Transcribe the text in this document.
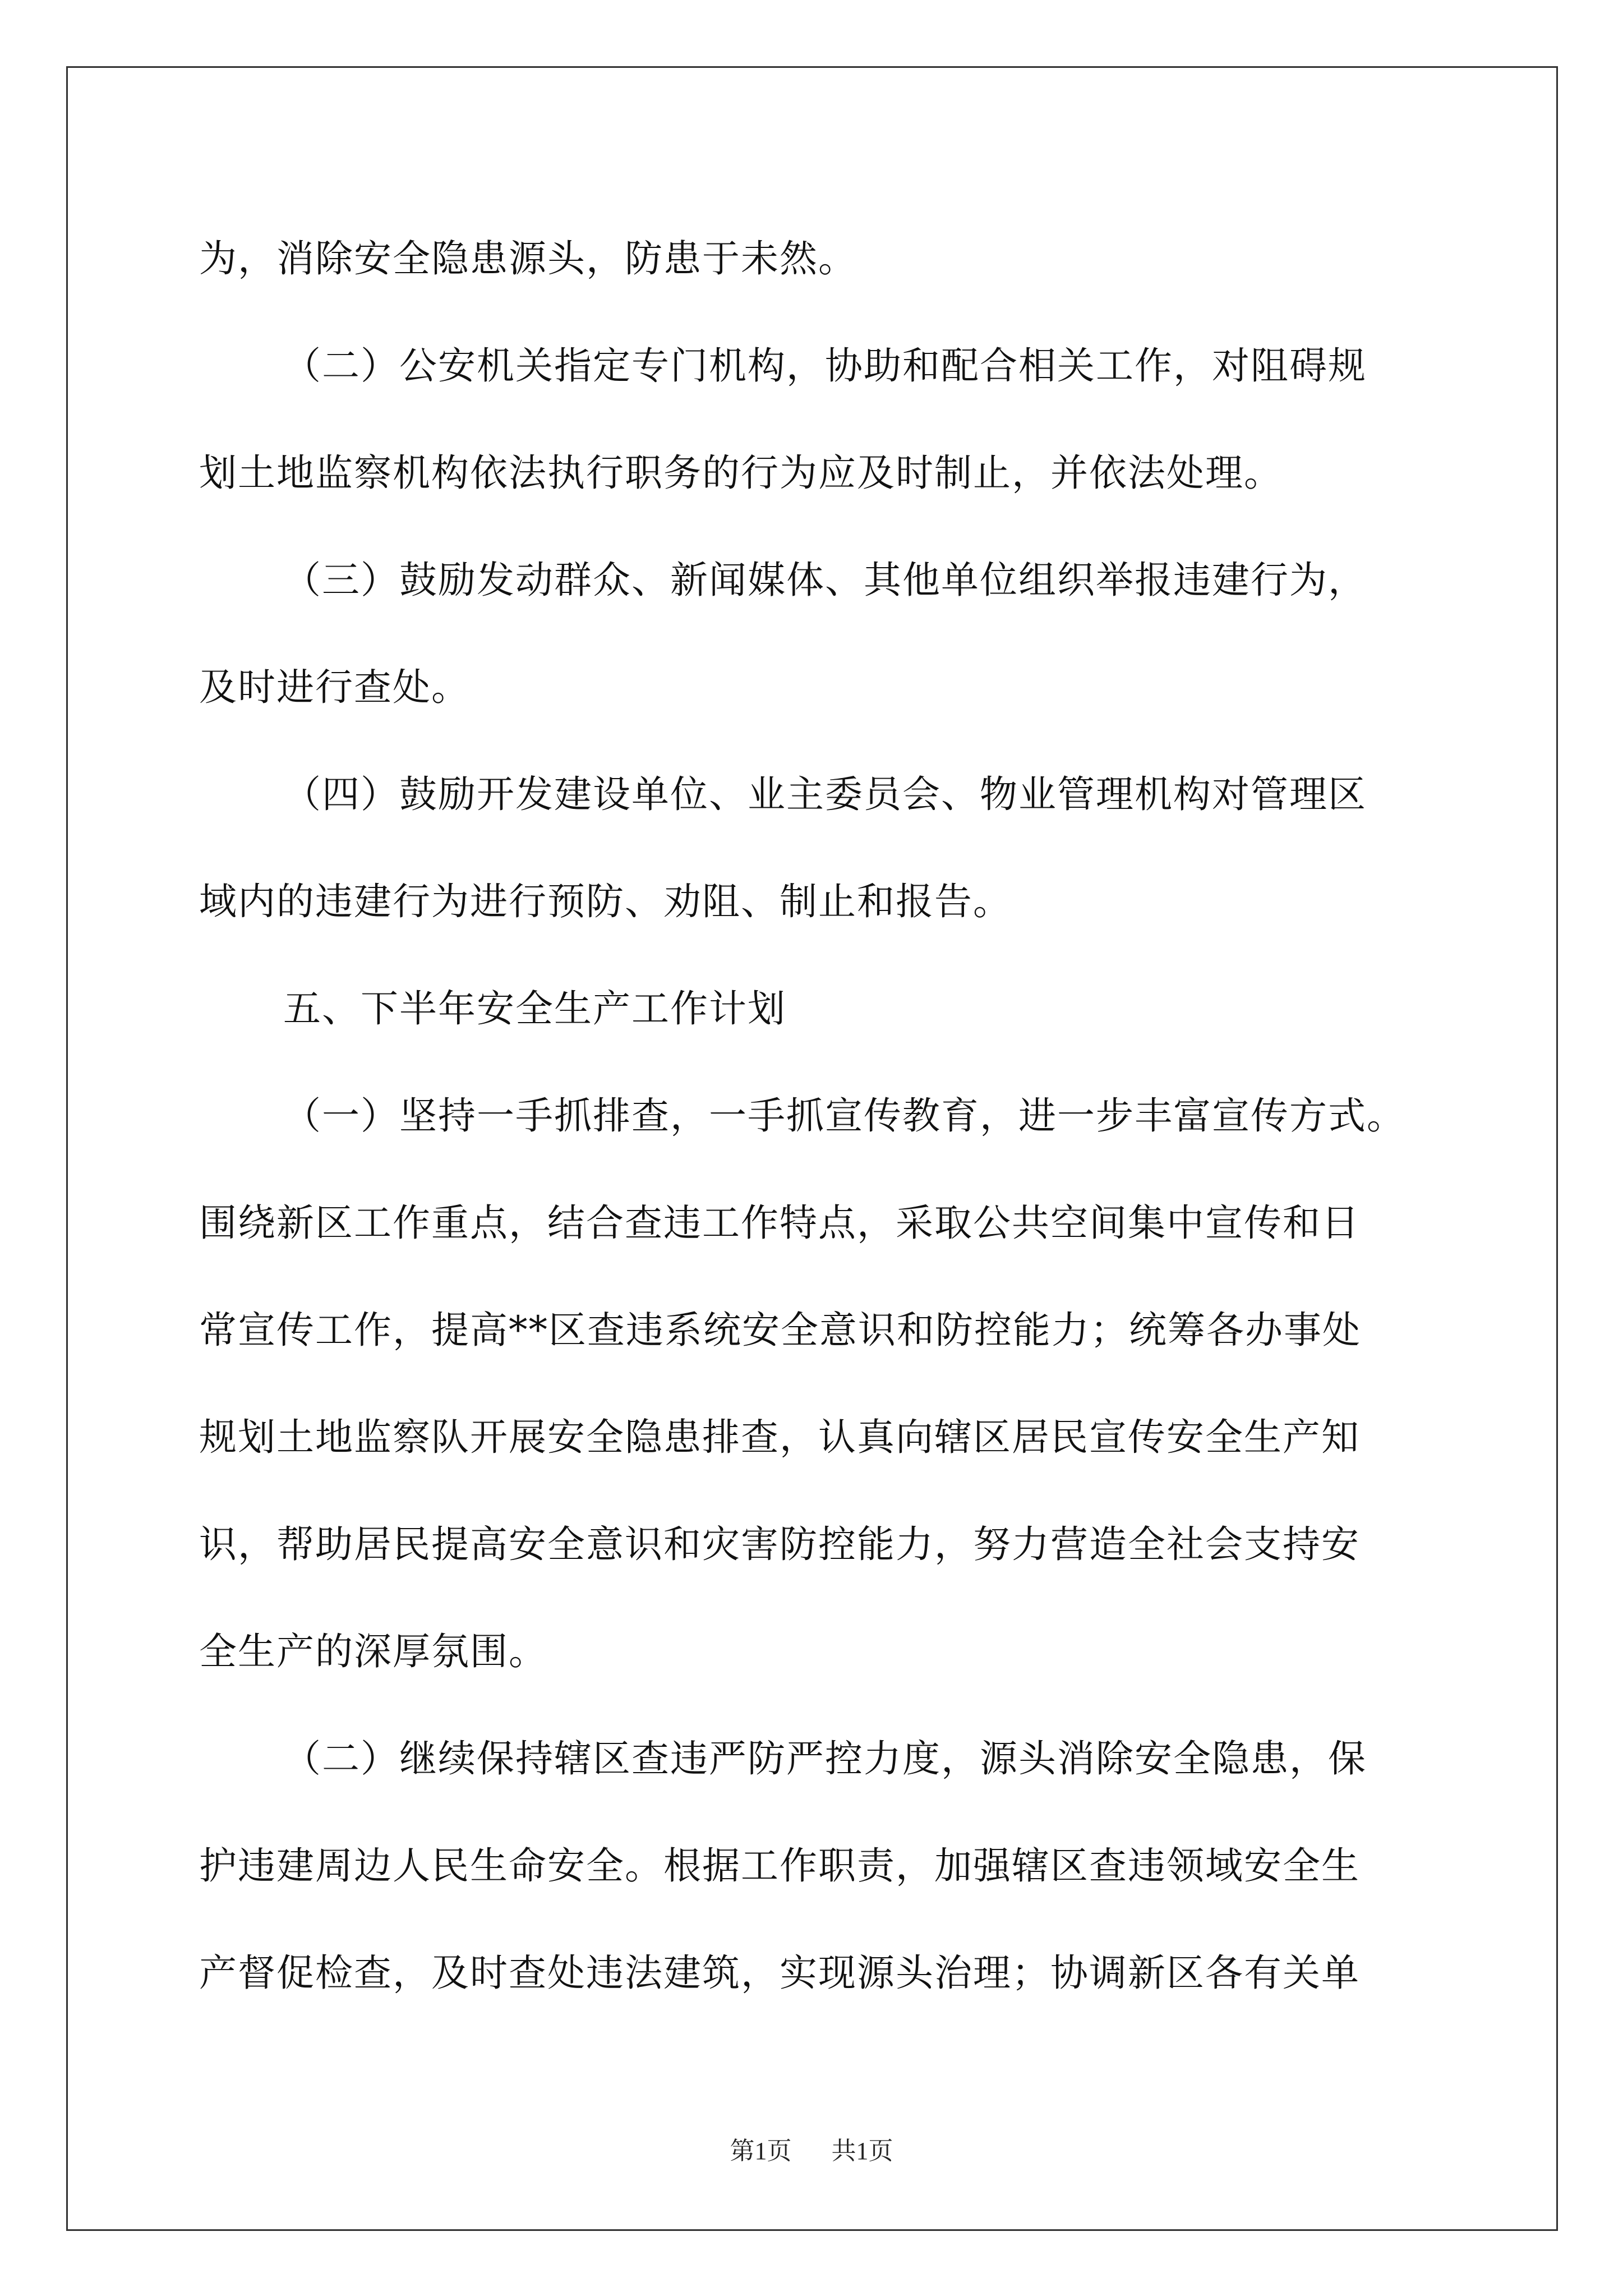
为，消除安全隐患源头，防患于未然。
（二）公安机关指定专门机构，协助和配合相关工作，对阻碍规
划土地监察机构依法执行职务的行为应及时制止，并依法处理。
（三）鼓励发动群众、新闻媒体、其他单位组织举报违建行为，
及时进行查处。
（四）鼓励开发建设单位、业主委员会、物业管理机构对管理区
域内的违建行为进行预防、劝阻、制止和报告。
五、下半年安全生产工作计划
（一）坚持一手抓排查，一手抓宣传教育，进一步丰富宣传方式。
围绕新区工作重点，结合查违工作特点，采取公共空间集中宣传和日
常宣传工作，提高**区查违系统安全意识和防控能力；统筹各办事处
规划土地监察队开展安全隐患排查，认真向辖区居民宣传安全生产知
识，帮助居民提高安全意识和灾害防控能力，努力营造全社会支持安
全生产的深厚氛围。
（二）继续保持辖区查违严防严控力度，源头消除安全隐患，保
护违建周边人民生命安全。根据工作职责，加强辖区查违领域安全生
产督促检查，及时查处违法建筑，实现源头治理；协调新区各有关单
第1页 共1页
